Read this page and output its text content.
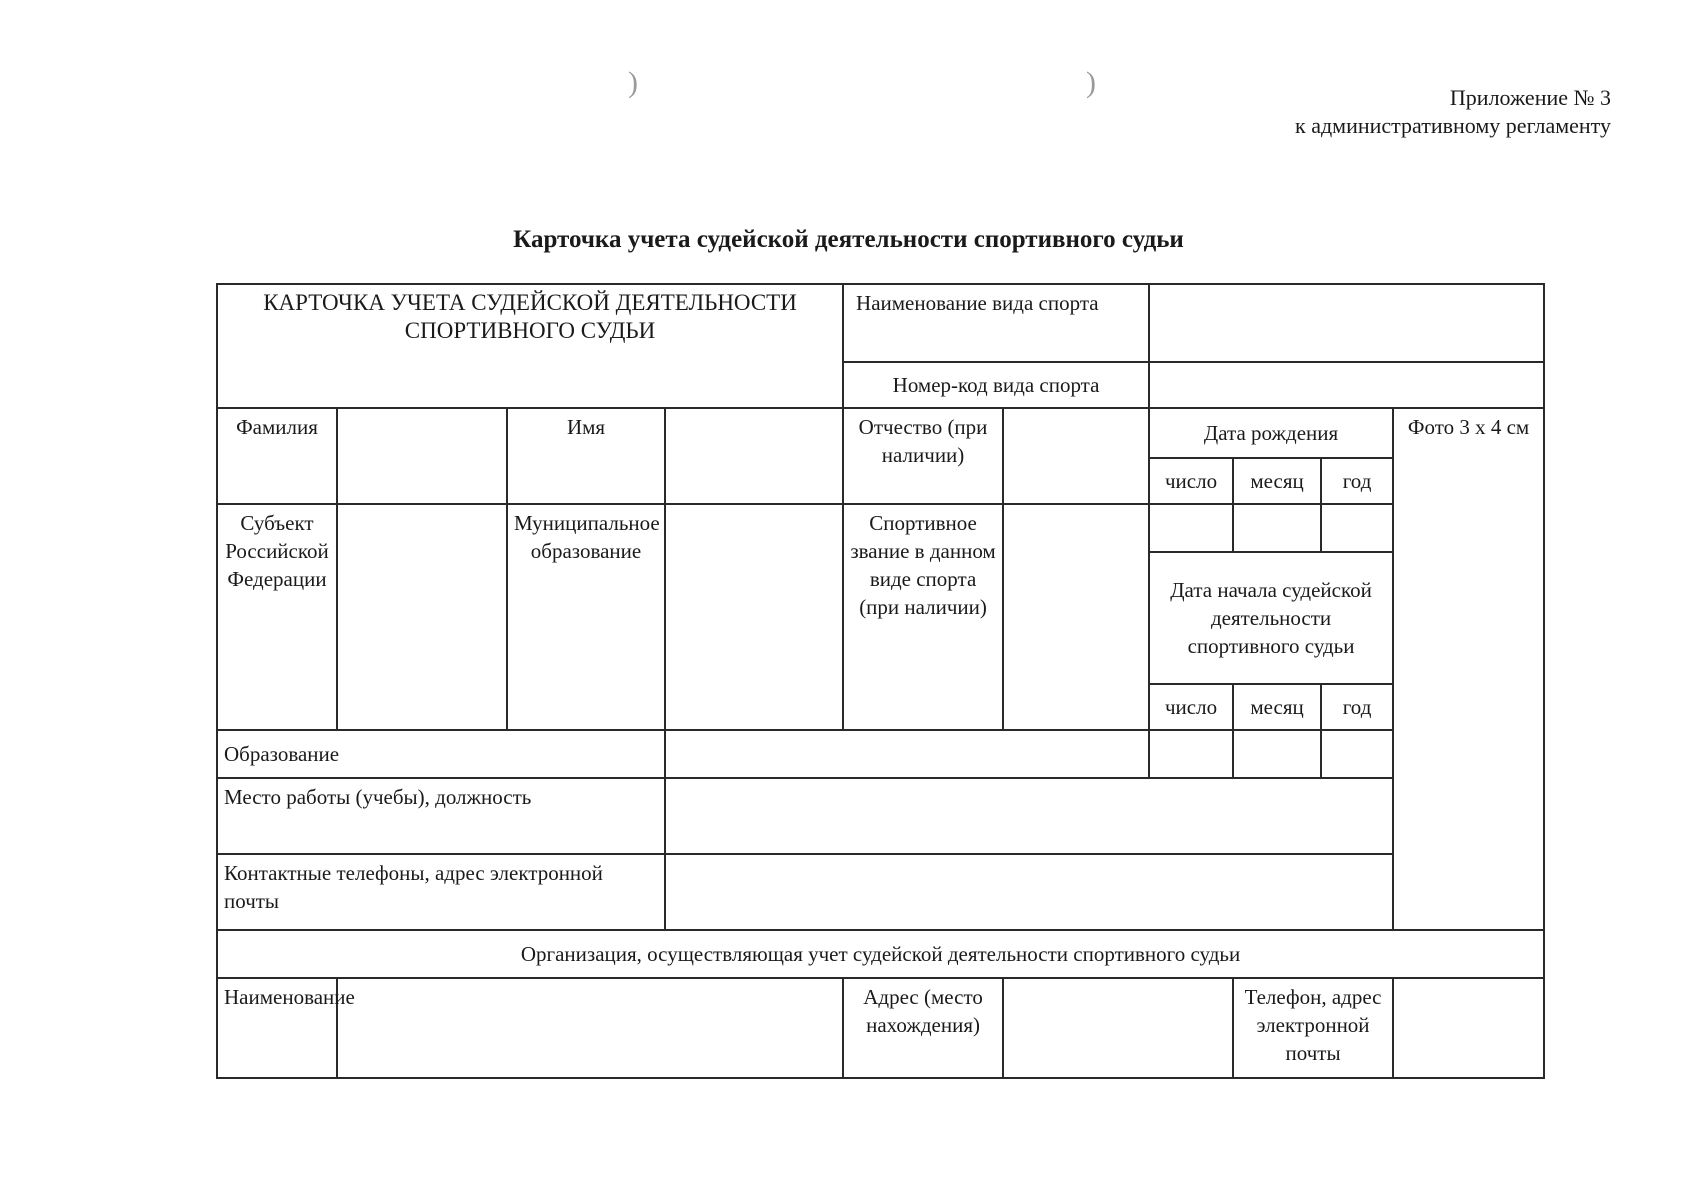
)	)	Приложение № 3
к административному регламенту
Карточка учета судейской деятельности спортивного судьи
КАРТОЧКА УЧЕТА СУДЕЙСКОЙ ДЕЯТЕЛЬНОСТИ СПОРТИВНОГО СУДЬИ				Наименование вида спорта					
				Номер-код вида спорта					
Фамилия		Имя		Отчество (при наличии)		Дата рождения			Фото 3 х 4 см
						число	месяц	год	
Субъект Российской Федерации		Муниципальное образование		Спортивное звание в данном виде спорта (при наличии)					
						Дата начала судейской деятельности спортивного судьи			
						число	месяц	год	
Образование									
Место работы (учебы), должность									
Контактные телефоны, адрес электронной почты									
Организация, осуществляющая учет судейской деятельности спортивного судьи									
Наименование				Адрес (место нахождения)			Телефон, адрес электронной почты		
